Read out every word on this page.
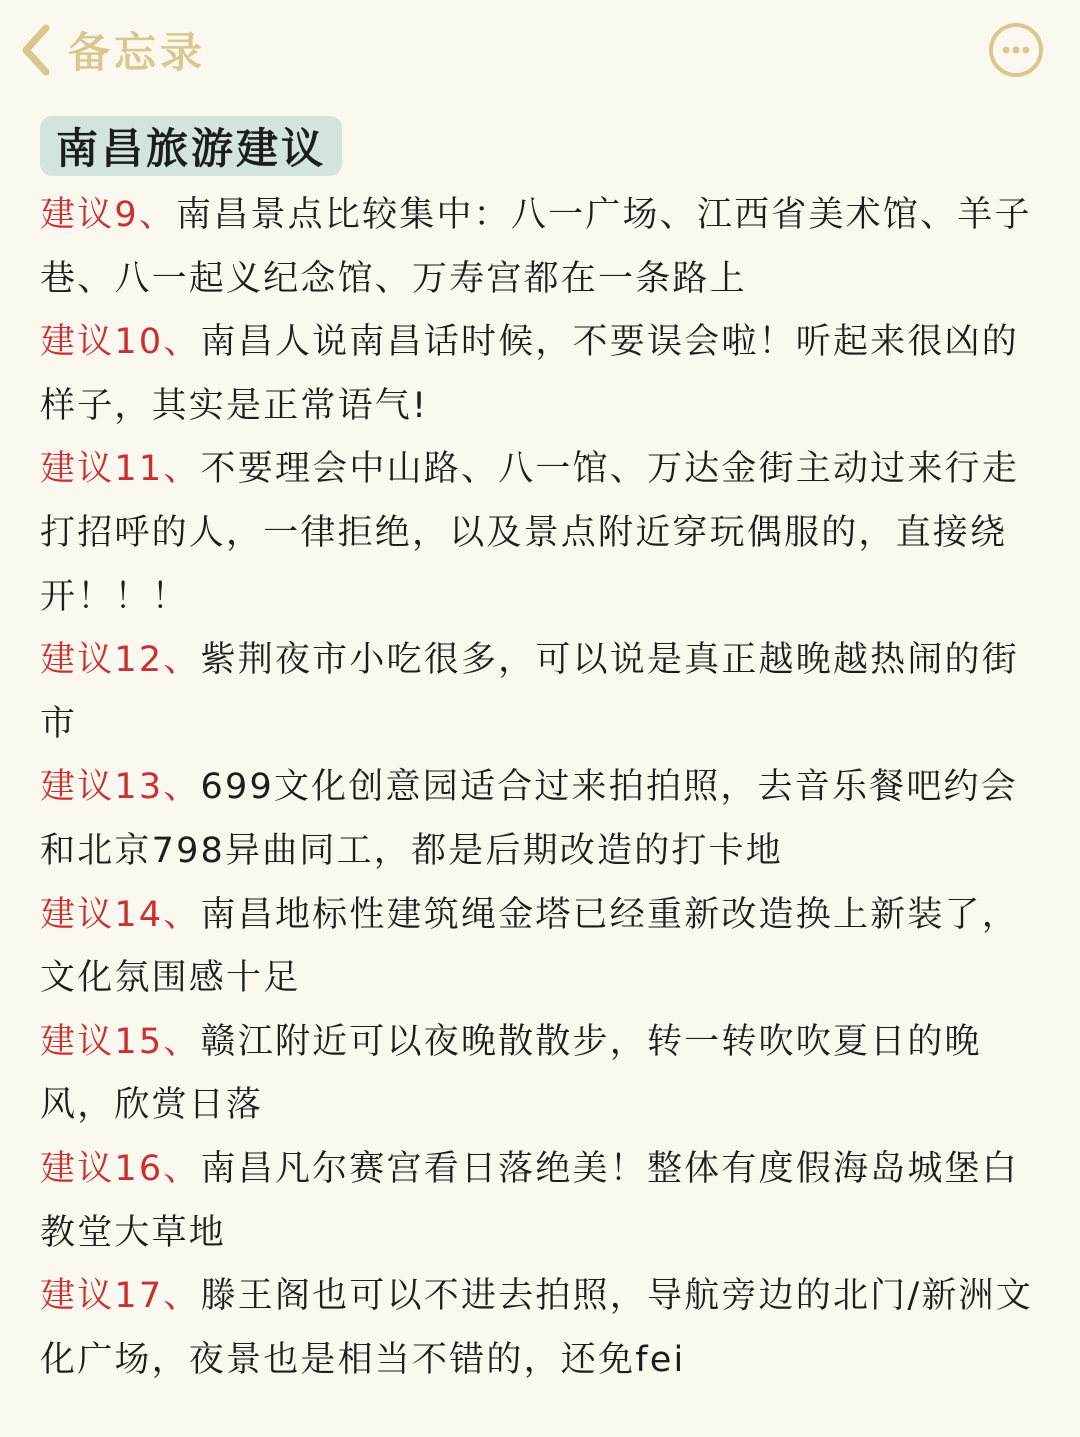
备忘录
南昌旅游建议

建议9、南昌景点比较集中：八一广场、江西省美术馆、羊子巷、八一起义纪念馆、万寿宫都在一条路上

建议10、南昌人说南昌话时候，不要误会啦！听起来很凶的样子，其实是正常语气!

建议11、不要理会中山路、八一馆、万达金街主动过来行走打招呼的人，一律拒绝，以及景点附近穿玩偶服的，直接绕开！！！

建议12、紫荆夜市小吃很多，可以说是真正越晚越热闹的街市

建议13、699文化创意园适合过来拍拍照，去音乐餐吧约会和北京798异曲同工，都是后期改造的打卡地

建议14、南昌地标性建筑绳金塔已经重新改造换上新装了，文化氛围感十足

建议15、赣江附近可以夜晚散散步，转一转吹吹夏日的晚风，欣赏日落

建议16、南昌凡尔赛宫看日落绝美！整体有度假海岛城堡白教堂大草地

建议17、滕王阁也可以不进去拍照，导航旁边的北门/新洲文化广场，夜景也是相当不错的，还免fei
